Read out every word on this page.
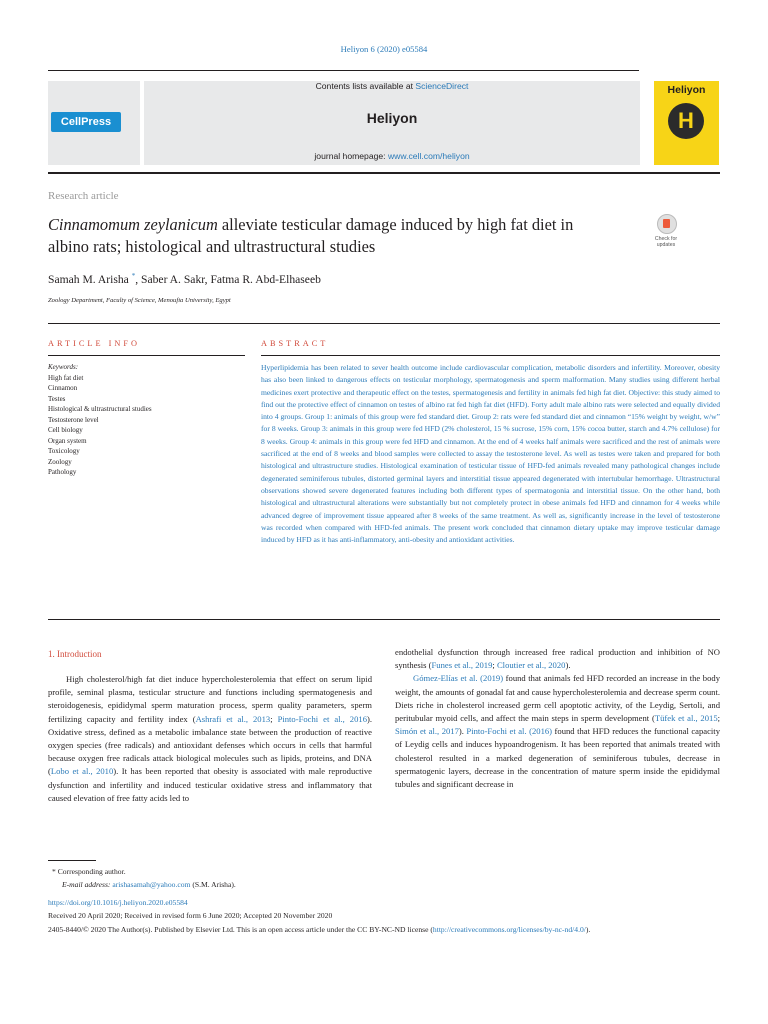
Heliyon 6 (2020) e05584
CellPress
Contents lists available at ScienceDirect
Heliyon
journal homepage: www.cell.com/heliyon
Heliyon
H
Research article
Cinnamomum zeylanicum alleviate testicular damage induced by high fat diet in albino rats; histological and ultrastructural studies	Check for updates
Samah M. Arisha *, Saber A. Sakr, Fatma R. Abd-Elhaseeb
Zoology Department, Faculty of Science, Menoufia University, Egypt
ARTICLE INFO	ABSTRACT
Keywords:
High fat diet
Cinnamon
Testes
Histological & ultrastructural studies
Testosterone level
Cell biology
Organ system
Toxicology
Zoology
Pathology
Hyperlipidemia has been related to sever health outcome include cardiovascular complication, metabolic disorders and infertility. Moreover, obesity has also been linked to dangerous effects on testicular morphology, spermatogenesis and sperm malformation. Many studies using different herbal medicines exert protective and therapeutic effect on the testes, spermatogenesis and fertility in animals fed high fat diet. Objective: this study aimed to find out the protective effect of cinnamon on testes of albino rat fed high fat diet (HFD). Forty adult male albino rats were selected and equally divided into 4 groups. Group 1: animals of this group were fed standard diet. Group 2: rats were fed standard diet and cinnamon “15% weight by weight, w/w” for 8 weeks. Group 3: animals in this group were fed HFD (2% cholesterol, 15 % sucrose, 15% corn, 15% cocoa butter, starch and 4.7% cellulose) for 8 weeks. Group 4: animals in this group were fed HFD and cinnamon. At the end of 4 weeks half animals were sacrificed and the rest of animals were sacrificed at the end of 8 weeks and blood samples were collected to assay the testosterone level. As well as testes were taken and prepared for both histological and ultrastructure studies. Histological examination of testicular tissue of HFD-fed animals revealed many pathological changes include degenerated seminiferous tubules, distorted germinal layers and interstitial tissue appeared degenerated with intertubular hemorrhage. Ultrastructural observations showed severe degenerated features including both different types of spermatogonia and interstitial tissue. On the other hand, both histological and ultrastructural alterations were substantially but not completely protect in obese animals fed HFD and cinnamon for 4 weeks while advanced degree of improvement tissue appeared after 8 weeks of the same treatment. As well as, significantly increase in the level of testosterone was recorded when compared with HFD-fed animals. The present work concluded that cinnamon dietary uptake may improve testicular damage induced by HFD as it has anti-inflammatory, anti-obesity and antioxidant activities.
1. Introduction

High cholesterol/high fat diet induce hypercholesterolemia that effect on serum lipid profile, seminal plasma, testicular structure and functions including spermatogenesis and steroidogenesis, epididymal sperm maturation process, sperm quality parameters, sperm fertilizing capacity and fertility index (Ashrafi et al., 2013; Pinto-Fochi et al., 2016). Oxidative stress, defined as a metabolic imbalance state between the production of reactive oxygen species (free radicals) and antioxidant defenses which occurs in cells that harmful because oxygen free radicals attack biological molecules such as lipids, proteins, and DNA (Lobo et al., 2010). It has been reported that obesity is associated with male reproductive dysfunction and infertility and induced testicular oxidative stress and inflammatory that caused elevation of free fatty acids led to

endothelial dysfunction through increased free radical production and inhibition of NO synthesis (Funes et al., 2019; Cloutier et al., 2020).

Gómez-Elías et al. (2019) found that animals fed HFD recorded an increase in the body weight, the amounts of gonadal fat and cause hypercholesterolemia and decrease sperm count. Diets riche in cholesterol increased germ cell apoptotic activity, of the Leydig, Sertoli, and peritubular myoid cells, and affect the main steps in sperm development (Tüfek et al., 2015; Simón et al., 2017). Pinto-Fochi et al. (2016) found that HFD reduces the functional capacity of Leydig cells and induces hypoandrogenism. It has been reported that animals treated with cholesterol resulted in a marked degeneration of seminiferous tubules, decrease in spermatogenic layers, decrease in the concentration of mature sperm inside the epididymal tubules and significant decrease in

* Corresponding author.
E-mail address: arishasamah@yahoo.com (S.M. Arisha).
https://doi.org/10.1016/j.heliyon.2020.e05584
Received 20 April 2020; Received in revised form 6 June 2020; Accepted 20 November 2020
2405-8440/© 2020 The Author(s). Published by Elsevier Ltd. This is an open access article under the CC BY-NC-ND license (http://creativecommons.org/licenses/by-nc-nd/4.0/).
